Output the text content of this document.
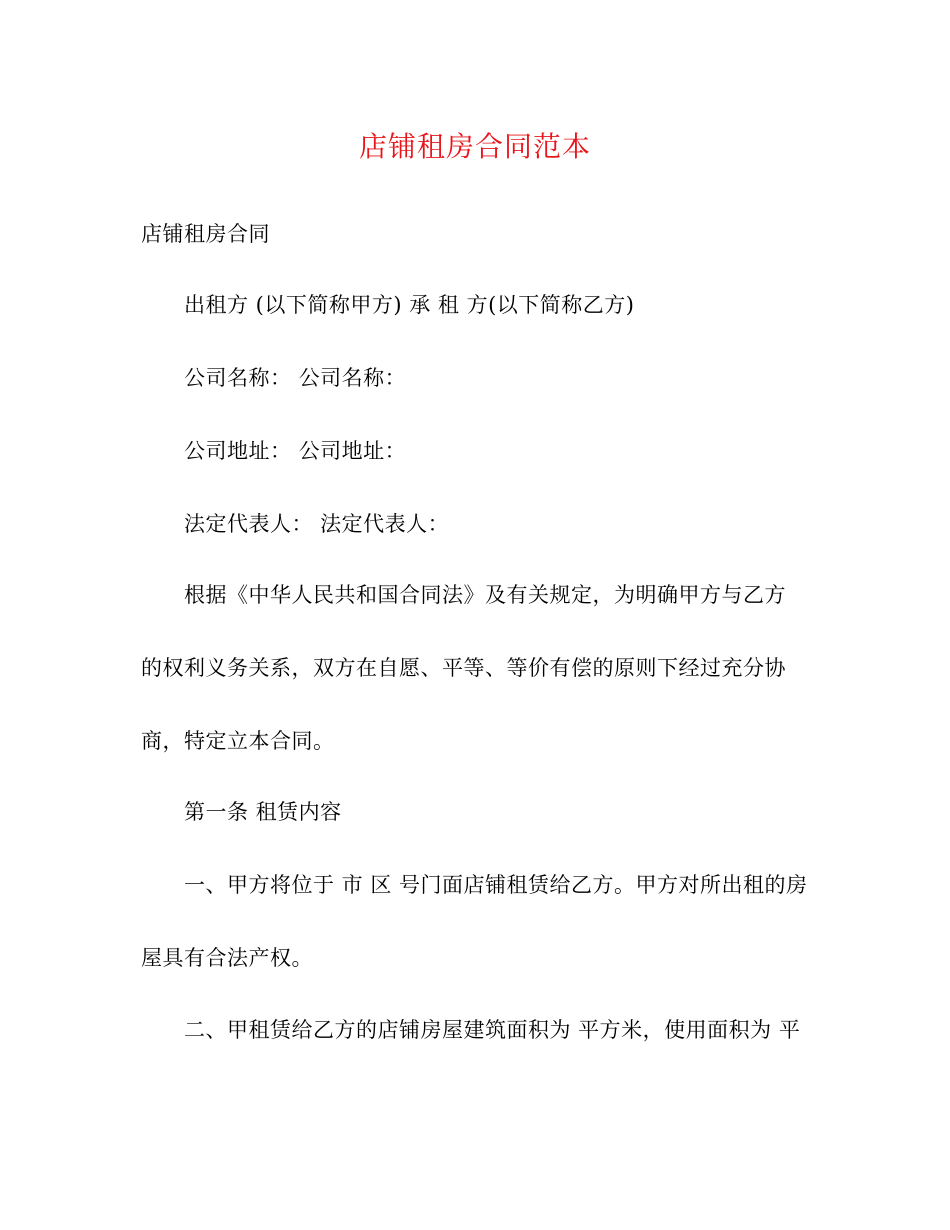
店铺租房合同范本
店铺租房合同
出租方 (以下简称甲方) 承 租 方(以下简称乙方)
公司名称： 公司名称：
公司地址： 公司地址：
法定代表人： 法定代表人：
根据《中华人民共和国合同法》及有关规定，为明确甲方与乙方
的权利义务关系，双方在自愿、平等、等价有偿的原则下经过充分协
商，特定立本合同。
第一条 租赁内容
一、甲方将位于 市 区 号门面店铺租赁给乙方。甲方对所出租的房
屋具有合法产权。
二、甲租赁给乙方的店铺房屋建筑面积为 平方米，使用面积为 平
